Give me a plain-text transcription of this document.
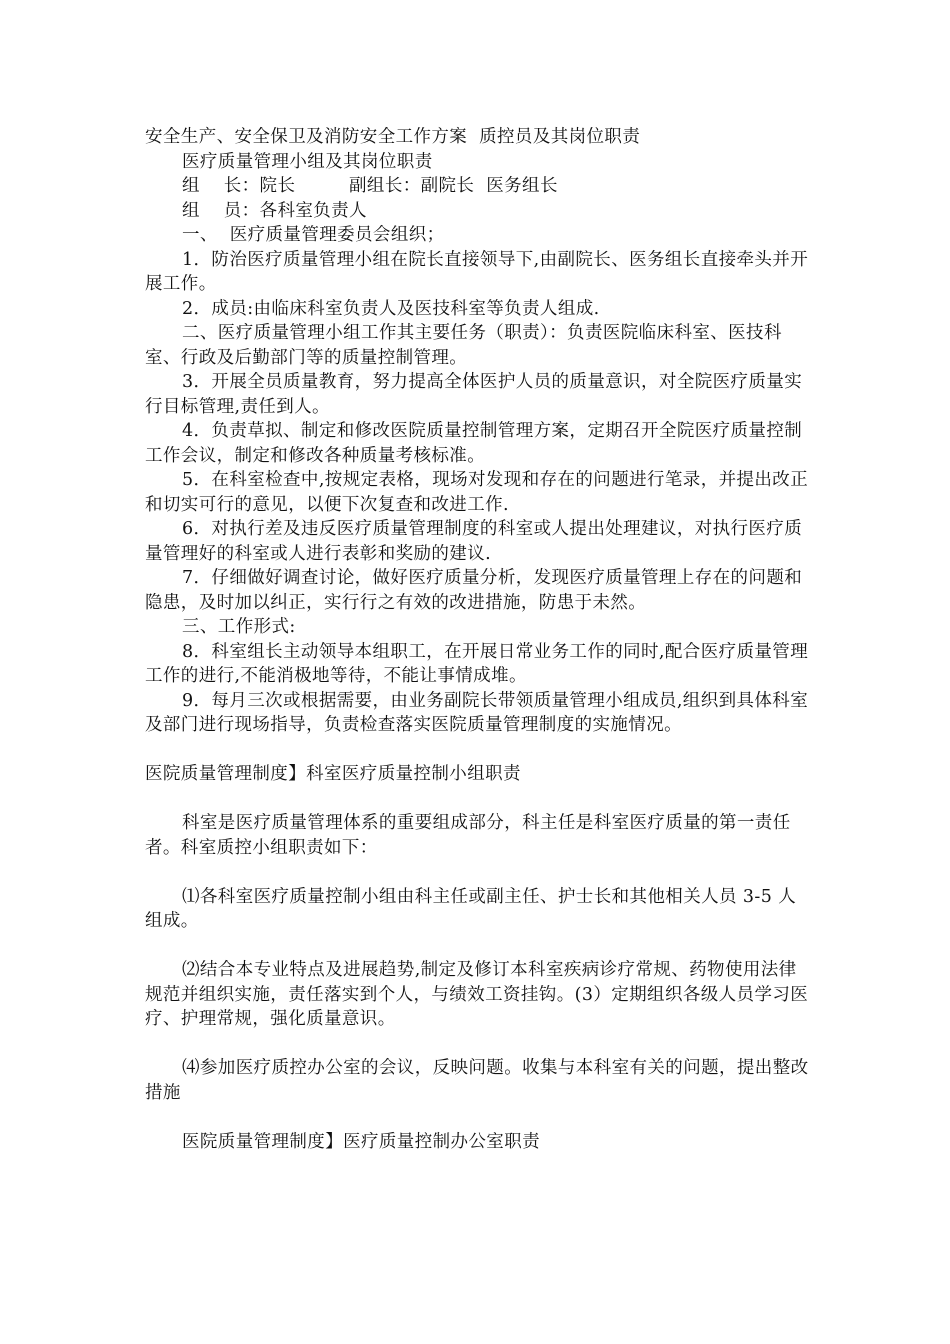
安全生产、安全保卫及消防安全工作方案  质控员及其岗位职责
医疗质量管理小组及其岗位职责
组    长：院长         副组长：副院长  医务组长
组    员：各科室负责人
一、  医疗质量管理委员会组织；
1．防治医疗质量管理小组在院长直接领导下,由副院长、医务组长直接牵头并开展工作。
2．成员:由临床科室负责人及医技科室等负责人组成.
二、医疗质量管理小组工作其主要任务（职责）：负责医院临床科室、医技科室、行政及后勤部门等的质量控制管理。
3．开展全员质量教育，努力提高全体医护人员的质量意识，对全院医疗质量实行目标管理,责任到人。
4．负责草拟、制定和修改医院质量控制管理方案，定期召开全院医疗质量控制工作会议，制定和修改各种质量考核标准。
5．在科室检查中,按规定表格，现场对发现和存在的问题进行笔录，并提出改正和切实可行的意见，以便下次复查和改进工作.
6．对执行差及违反医疗质量管理制度的科室或人提出处理建议，对执行医疗质量管理好的科室或人进行表彰和奖励的建议.
7．仔细做好调查讨论，做好医疗质量分析，发现医疗质量管理上存在的问题和隐患，及时加以纠正，实行行之有效的改进措施，防患于未然。
三、工作形式:
8．科室组长主动领导本组职工，在开展日常业务工作的同时,配合医疗质量管理工作的进行,不能消极地等待，不能让事情成堆。
9．每月三次或根据需要，由业务副院长带领质量管理小组成员,组织到具体科室及部门进行现场指导，负责检查落实医院质量管理制度的实施情况。
医院质量管理制度】科室医疗质量控制小组职责
科室是医疗质量管理体系的重要组成部分，科主任是科室医疗质量的第一责任者。科室质控小组职责如下：
⑴各科室医疗质量控制小组由科主任或副主任、护士长和其他相关人员 3-5 人组成。
⑵结合本专业特点及进展趋势,制定及修订本科室疾病诊疗常规、药物使用法律规范并组织实施，责任落实到个人，与绩效工资挂钩。(3）定期组织各级人员学习医疗、护理常规，强化质量意识。
⑷参加医疗质控办公室的会议，反映问题。收集与本科室有关的问题，提出整改措施
医院质量管理制度】医疗质量控制办公室职责
